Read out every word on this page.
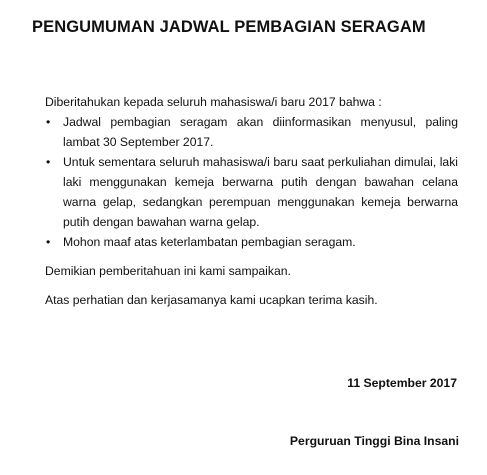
PENGUMUMAN JADWAL PEMBAGIAN SERAGAM
Diberitahukan kepada seluruh mahasiswa/i baru 2017 bahwa :
• Jadwal pembagian seragam akan diinformasikan menyusul, paling lambat 30 September 2017.
• Untuk sementara seluruh mahasiswa/i baru saat perkuliahan dimulai, laki laki menggunakan kemeja berwarna putih dengan bawahan celana warna gelap, sedangkan perempuan menggunakan kemeja berwarna putih dengan bawahan warna gelap.
• Mohon maaf atas keterlambatan pembagian seragam.
Demikian pemberitahuan ini kami sampaikan.
Atas perhatian dan kerjasamanya kami ucapkan terima kasih.
11 September 2017
Perguruan Tinggi Bina Insani
